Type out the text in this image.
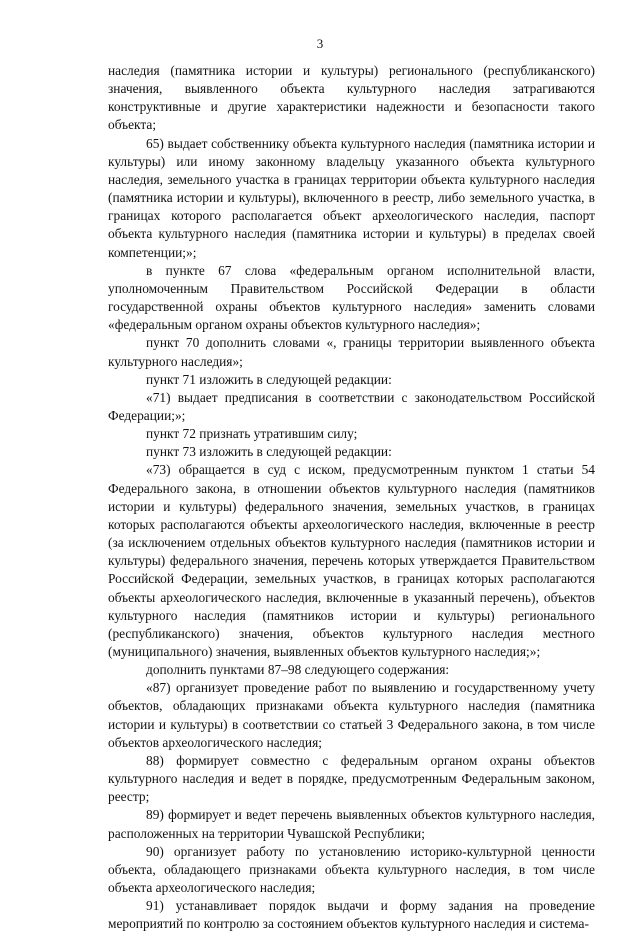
3

наследия (памятника истории и культуры) регионального (республиканского) значения, выявленного объекта культурного наследия затрагиваются конструктивные и другие характеристики надежности и безопасности такого объекта;

65) выдает собственнику объекта культурного наследия (памятника истории и культуры) или иному законному владельцу указанного объекта культурного наследия, земельного участка в границах территории объекта культурного наследия (памятника истории и культуры), включенного в реестр, либо земельного участка, в границах которого располагается объект археологического наследия, паспорт объекта культурного наследия (памятника истории и культуры) в пределах своей компетенции;»;

в пункте 67 слова «федеральным органом исполнительной власти, уполномоченным Правительством Российской Федерации в области государственной охраны объектов культурного наследия» заменить словами «федеральным органом охраны объектов культурного наследия»;

пункт 70 дополнить словами «, границы территории выявленного объекта культурного наследия»;

пункт 71 изложить в следующей редакции:

«71) выдает предписания в соответствии с законодательством Российской Федерации;»;

пункт 72 признать утратившим силу;

пункт 73 изложить в следующей редакции:

«73) обращается в суд с иском, предусмотренным пунктом 1 статьи 54 Федерального закона, в отношении объектов культурного наследия (памятников истории и культуры) федерального значения, земельных участков, в границах которых располагаются объекты археологического наследия, включенные в реестр (за исключением отдельных объектов культурного наследия (памятников истории и культуры) федерального значения, перечень которых утверждается Правительством Российской Федерации, земельных участков, в границах которых располагаются объекты археологического наследия, включенные в указанный перечень), объектов культурного наследия (памятников истории и культуры) регионального (республиканского) значения, объектов культурного наследия местного (муниципального) значения, выявленных объектов культурного наследия;»;

дополнить пунктами 87–98 следующего содержания:

«87) организует проведение работ по выявлению и государственному учету объектов, обладающих признаками объекта культурного наследия (памятника истории и культуры) в соответствии со статьей 3 Федерального закона, в том числе объектов археологического наследия;

88) формирует совместно с федеральным органом охраны объектов культурного наследия и ведет в порядке, предусмотренным Федеральным законом, реестр;

89) формирует и ведет перечень выявленных объектов культурного наследия, расположенных на территории Чувашской Республики;

90) организует работу по установлению историко-культурной ценности объекта, обладающего признаками объекта культурного наследия, в том числе объекта археологического наследия;

91) устанавливает порядок выдачи и форму задания на проведение мероприятий по контролю за состоянием объектов культурного наследия и система-
